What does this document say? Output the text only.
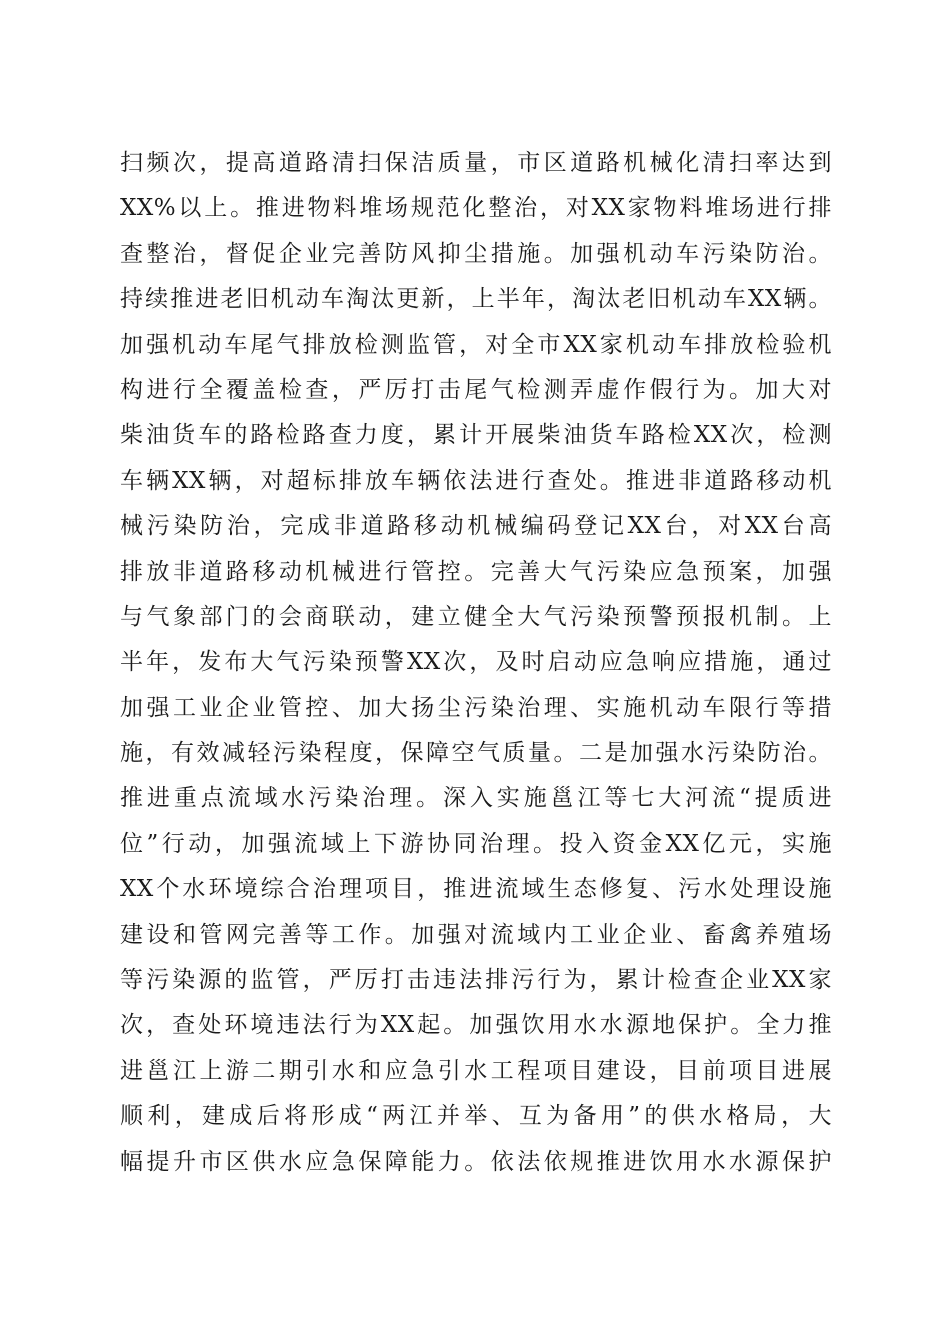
扫频次，提高道路清扫保洁质量，市区道路机械化清扫率达到
XX%以上。推进物料堆场规范化整治，对XX家物料堆场进行排
查整治，督促企业完善防风抑尘措施。加强机动车污染防治。
持续推进老旧机动车淘汰更新，上半年，淘汰老旧机动车XX辆。
加强机动车尾气排放检测监管，对全市XX家机动车排放检验机
构进行全覆盖检查，严厉打击尾气检测弄虚作假行为。加大对
柴油货车的路检路查力度，累计开展柴油货车路检XX次，检测
车辆XX辆，对超标排放车辆依法进行查处。推进非道路移动机
械污染防治，完成非道路移动机械编码登记XX台，对XX台高
排放非道路移动机械进行管控。完善大气污染应急预案，加强
与气象部门的会商联动，建立健全大气污染预警预报机制。上
半年，发布大气污染预警XX次，及时启动应急响应措施，通过
加强工业企业管控、加大扬尘污染治理、实施机动车限行等措
施，有效减轻污染程度，保障空气质量。二是加强水污染防治。
推进重点流域水污染治理。深入实施邕江等七大河流“提质进
位”行动，加强流域上下游协同治理。投入资金XX亿元，实施
XX个水环境综合治理项目，推进流域生态修复、污水处理设施
建设和管网完善等工作。加强对流域内工业企业、畜禽养殖场
等污染源的监管，严厉打击违法排污行为，累计检查企业XX家
次，查处环境违法行为XX起。加强饮用水水源地保护。全力推
进邕江上游二期引水和应急引水工程项目建设，目前项目进展
顺利，建成后将形成“两江并举、互为备用”的供水格局，大
幅提升市区供水应急保障能力。依法依规推进饮用水水源保护
